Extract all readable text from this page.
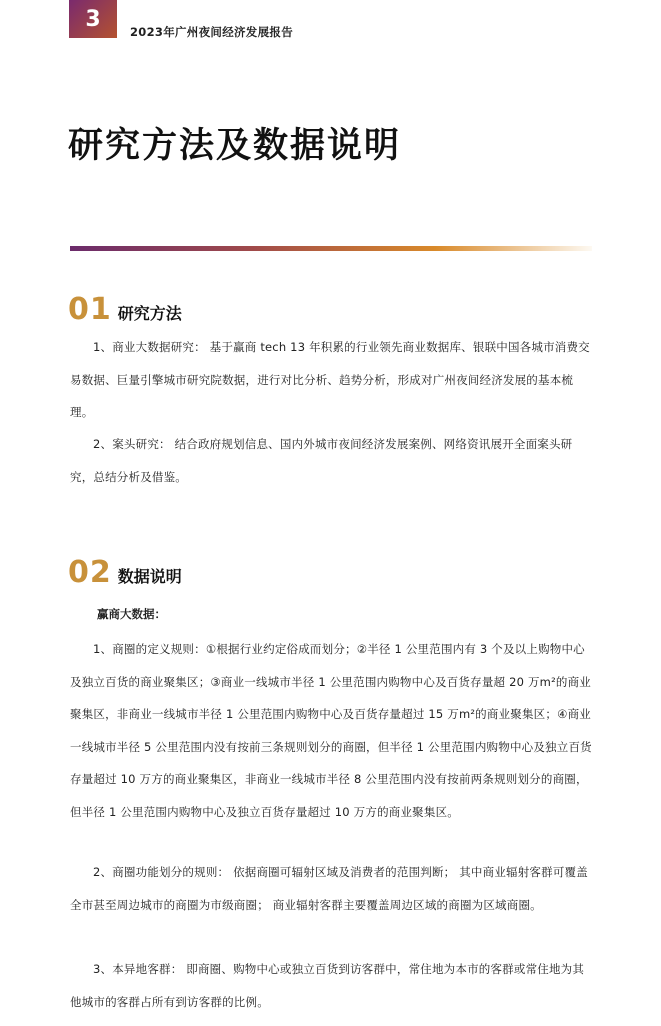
3
2023年广州夜间经济发展报告
研究方法及数据说明
01 研究方法

1、商业大数据研究： 基于赢商 tech 13 年积累的行业领先商业数据库、银联中国各城市消费交易数据、巨量引擎城市研究院数据，进行对比分析、趋势分析，形成对广州夜间经济发展的基本梳理。

2、案头研究： 结合政府规划信息、国内外城市夜间经济发展案例、网络资讯展开全面案头研究，总结分析及借鉴。

02 数据说明
赢商大数据：

1、商圈的定义规则：①根据行业约定俗成而划分；②半径 1 公里范围内有 3 个及以上购物中心及独立百货的商业聚集区；③商业一线城市半径 1 公里范围内购物中心及百货存量超 20 万m²的商业聚集区，非商业一线城市半径 1 公里范围内购物中心及百货存量超过 15 万m²的商业聚集区；④商业一线城市半径 5 公里范围内没有按前三条规则划分的商圈，但半径 1 公里范围内购物中心及独立百货存量超过 10 万方的商业聚集区，非商业一线城市半径 8 公里范围内没有按前两条规则划分的商圈，但半径 1 公里范围内购物中心及独立百货存量超过 10 万方的商业聚集区。

2、商圈功能划分的规则： 依据商圈可辐射区域及消费者的范围判断； 其中商业辐射客群可覆盖全市甚至周边城市的商圈为市级商圈； 商业辐射客群主要覆盖周边区域的商圈为区域商圈。

3、本异地客群： 即商圈、购物中心或独立百货到访客群中，常住地为本市的客群或常住地为其他城市的客群占所有到访客群的比例。
